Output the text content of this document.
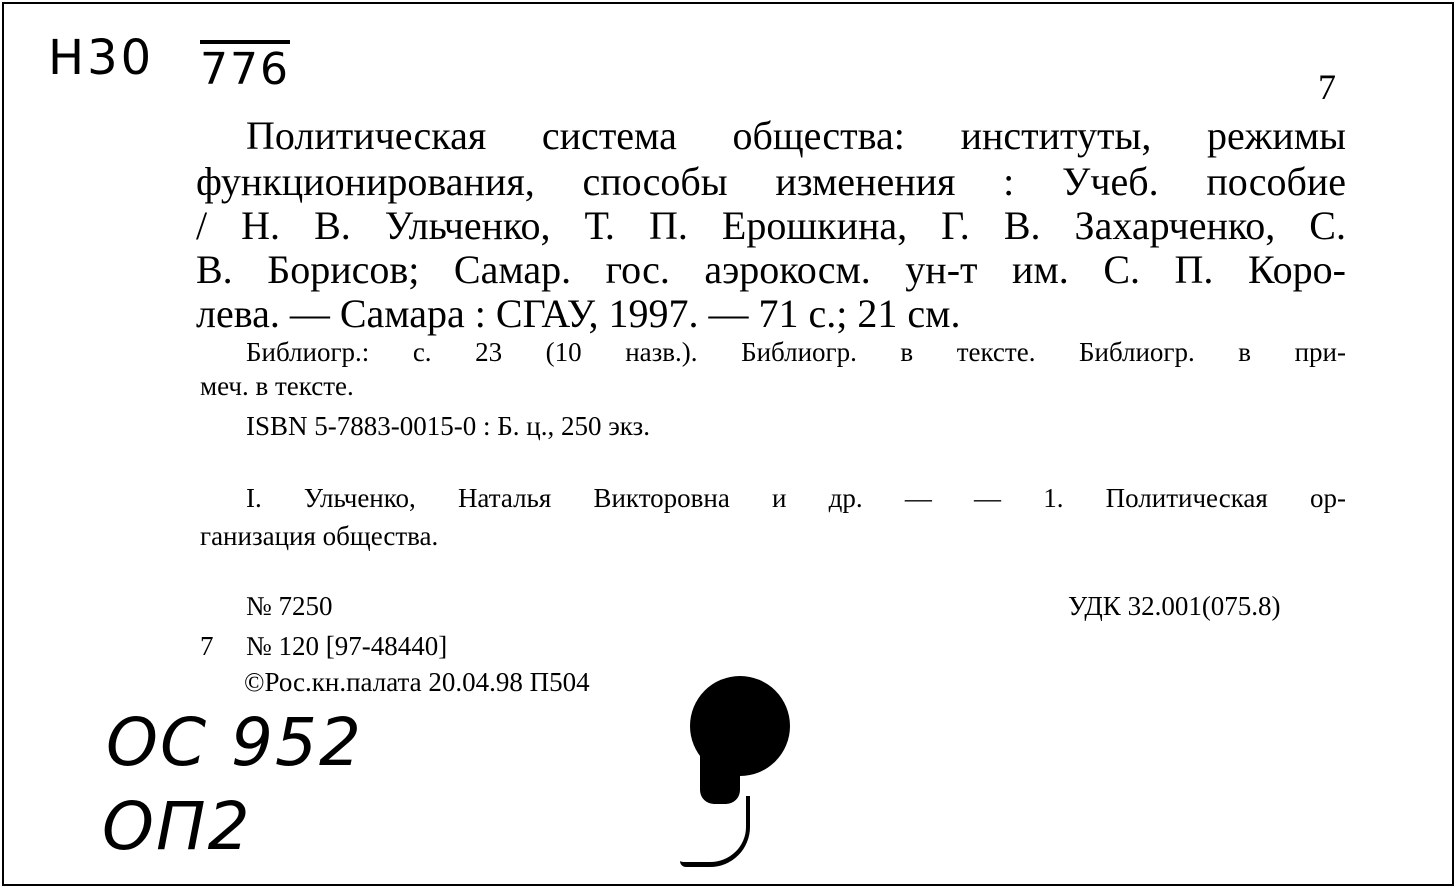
Н30 776	7
Политическая система общества: институты, режимы
функционирования, способы изменения : Учеб. пособие
/ Н. В. Ульченко, Т. П. Ерошкина, Г. В. Захарченко, С.
В. Борисов; Самар. гос. аэрокосм. ун-т им. С. П. Коро-
лева. — Самара : СГАУ, 1997. — 71 с.; 21 см.
Библиогр.: с. 23 (10 назв.). Библиогр. в тексте. Библиогр. в при-
меч. в тексте.
ISBN 5-7883-0015-0 : Б. ц., 250 экз.
I. Ульченко, Наталья Викторовна и др. — — 1. Политическая ор-
ганизация общества.
№ 7250	УДК 32.001(075.8)
7 № 120 [97-48440]
©Рос.кн.палата 20.04.98 П504
ОС 952
ОП2
